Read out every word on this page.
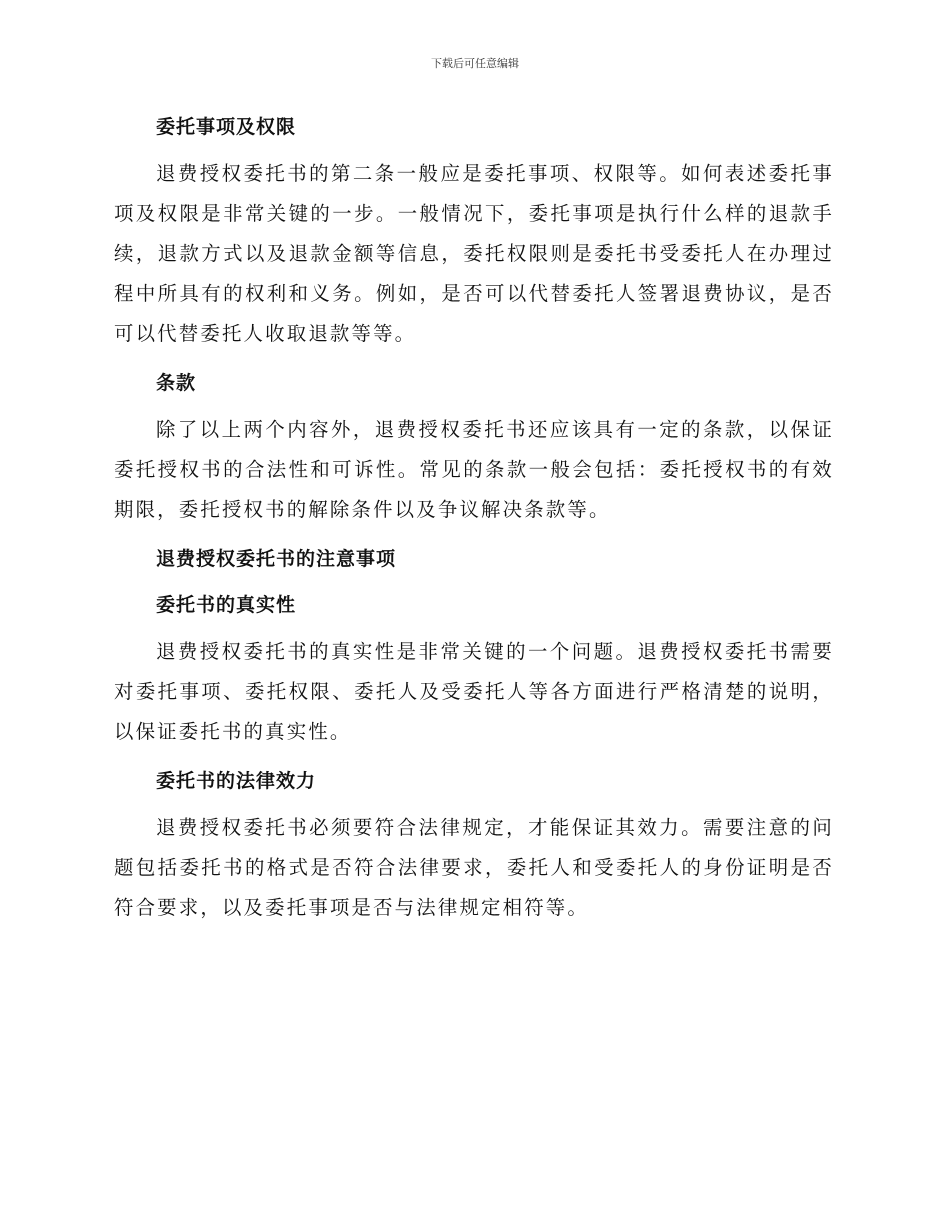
下载后可任意编辑
委托事项及权限

退费授权委托书的第二条一般应是委托事项、权限等。如何表述委托事项及权限是非常关键的一步。一般情况下，委托事项是执行什么样的退款手续，退款方式以及退款金额等信息，委托权限则是委托书受委托人在办理过程中所具有的权利和义务。例如，是否可以代替委托人签署退费协议，是否可以代替委托人收取退款等等。

条款

除了以上两个内容外，退费授权委托书还应该具有一定的条款，以保证委托授权书的合法性和可诉性。常见的条款一般会包括：委托授权书的有效期限，委托授权书的解除条件以及争议解决条款等。

退费授权委托书的注意事项
委托书的真实性

退费授权委托书的真实性是非常关键的一个问题。退费授权委托书需要对委托事项、委托权限、委托人及受委托人等各方面进行严格清楚的说明，以保证委托书的真实性。

委托书的法律效力

退费授权委托书必须要符合法律规定，才能保证其效力。需要注意的问题包括委托书的格式是否符合法律要求，委托人和受委托人的身份证明是否符合要求，以及委托事项是否与法律规定相符等。
